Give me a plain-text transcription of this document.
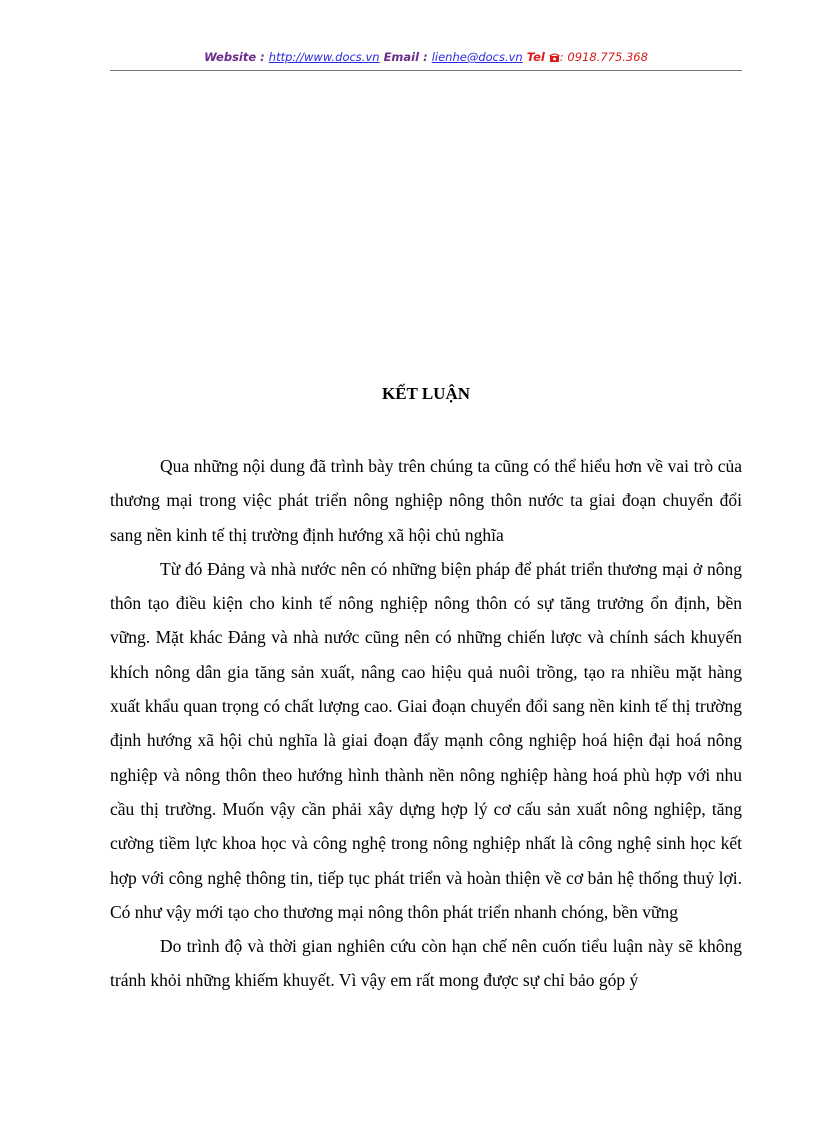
Website : http://www.docs.vn Email : lienhe@docs.vn Tel : 0918.775.368
KẾT LUẬN

Qua những nội dung đã trình bày trên chúng ta cũng có thể hiểu hơn về vai trò của thương mại trong việc phát triển nông nghiệp nông thôn nước ta giai đoạn chuyển đổi sang nền kinh tế thị trường định hướng xã hội chủ nghĩa

Từ đó Đảng và nhà nước nên có những biện pháp để phát triển thương mại ở nông thôn tạo điều kiện cho kinh tế nông nghiệp nông thôn có sự tăng trưởng ổn định, bền vững. Mặt khác Đảng và nhà nước cũng nên có những chiến lược và chính sách khuyến khích nông dân gia tăng sản xuất, nâng cao hiệu quả nuôi trồng, tạo ra nhiều mặt hàng xuất khẩu quan trọng có chất lượng cao. Giai đoạn chuyển đổi sang nền kinh tế thị trường định hướng xã hội chủ nghĩa là giai đoạn đẩy mạnh công nghiệp hoá hiện đại hoá nông nghiệp và nông thôn theo hướng hình thành nền nông nghiệp hàng hoá phù hợp với nhu cầu thị trường. Muốn vậy cần phải xây dựng hợp lý cơ cấu sản xuất nông nghiệp, tăng cường tiềm lực khoa học và công nghệ trong nông nghiệp nhất là công nghệ sinh học kết hợp với công nghệ thông tin, tiếp tục phát triển và hoàn thiện về cơ bản hệ thống thuỷ lợi. Có như vậy mới tạo cho thương mại nông thôn phát triển nhanh chóng, bền vững

Do trình độ và thời gian nghiên cứu còn hạn chế nên cuốn tiểu luận này sẽ không tránh khỏi những khiếm khuyết. Vì vậy em rất mong được sự chỉ bảo góp ý
